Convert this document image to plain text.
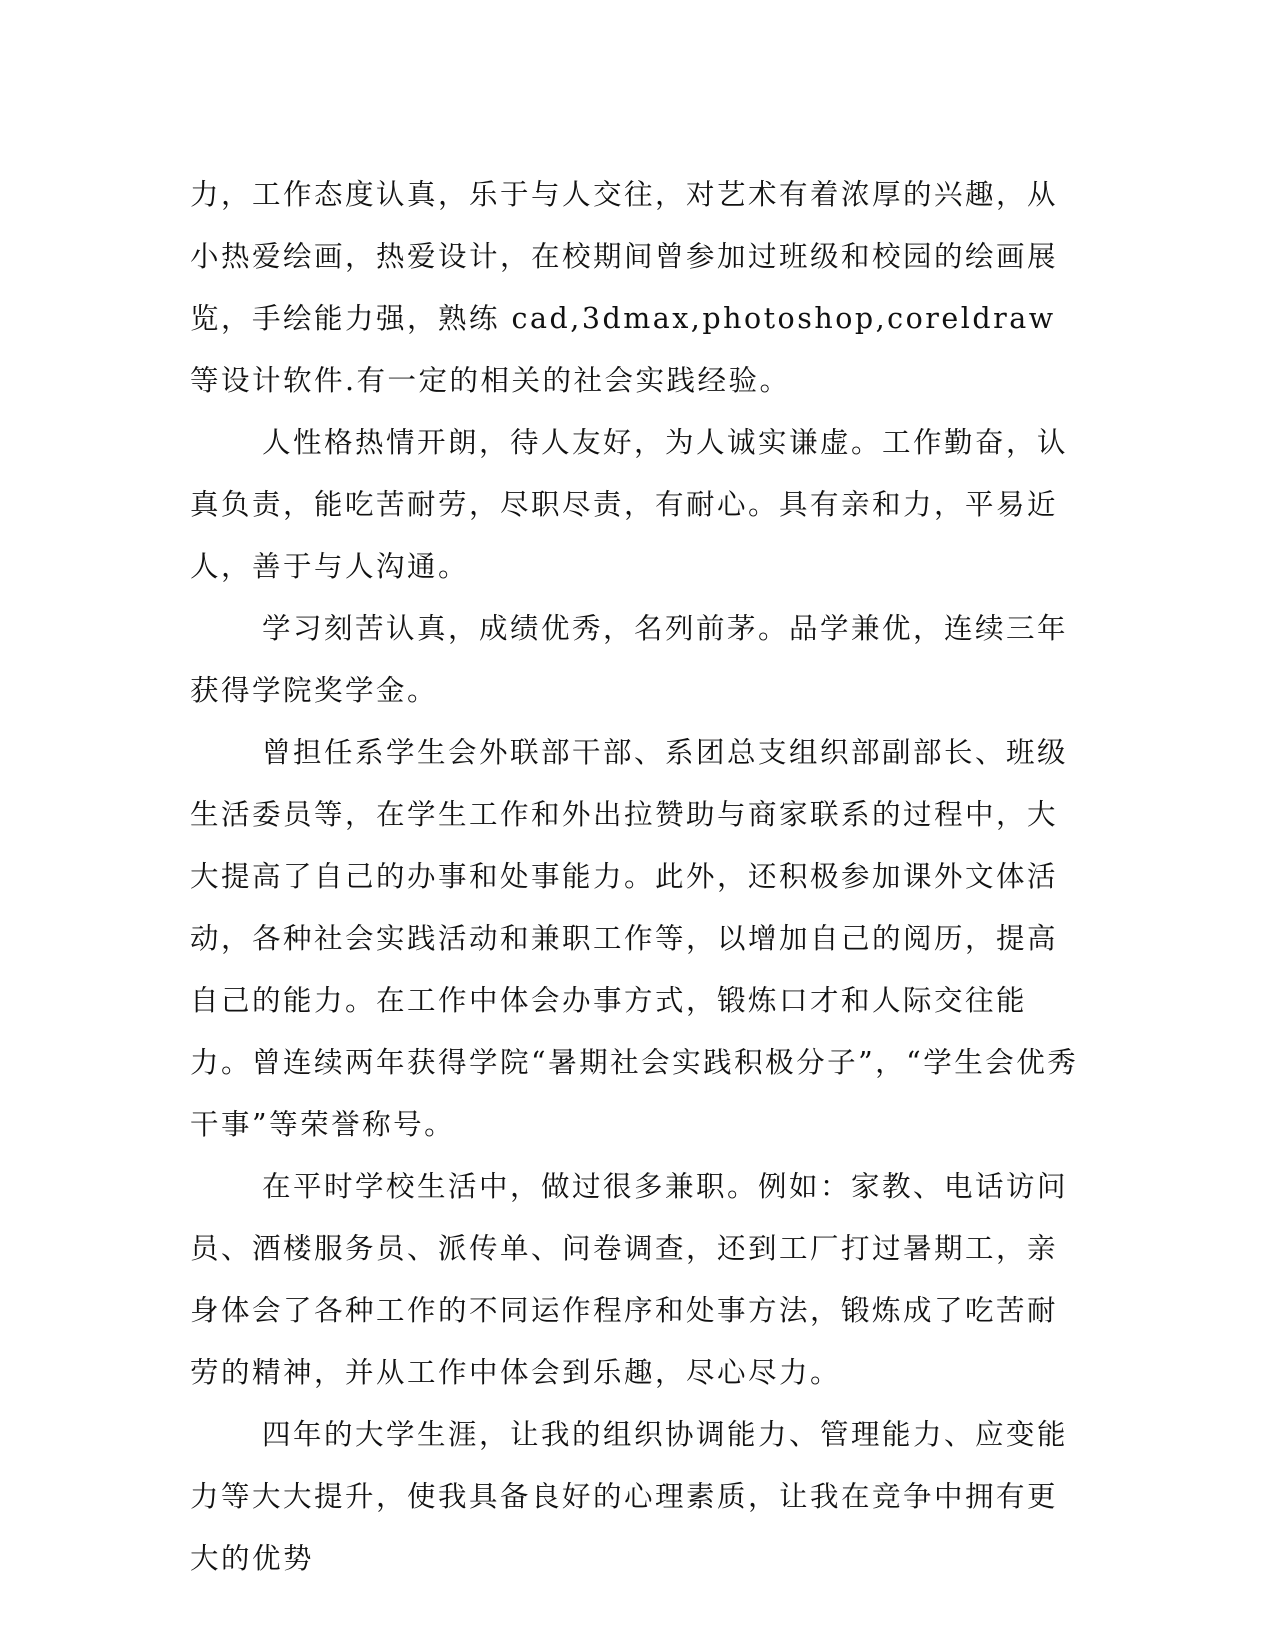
力，工作态度认真，乐于与人交往，对艺术有着浓厚的兴趣，从小热爱绘画，热爱设计，在校期间曾参加过班级和校园的绘画展览，手绘能力强，熟练 cad,3dmax,photoshop,coreldraw 等设计软件.有一定的相关的社会实践经验。

人性格热情开朗，待人友好，为人诚实谦虚。工作勤奋，认真负责，能吃苦耐劳，尽职尽责，有耐心。具有亲和力，平易近人，善于与人沟通。

学习刻苦认真，成绩优秀，名列前茅。品学兼优，连续三年获得学院奖学金。

曾担任系学生会外联部干部、系团总支组织部副部长、班级生活委员等，在学生工作和外出拉赞助与商家联系的过程中，大大提高了自己的办事和处事能力。此外，还积极参加课外文体活动，各种社会实践活动和兼职工作等，以增加自己的阅历，提高自己的能力。在工作中体会办事方式，锻炼口才和人际交往能力。曾连续两年获得学院“暑期社会实践积极分子”，“学生会优秀干事”等荣誉称号。

在平时学校生活中，做过很多兼职。例如：家教、电话访问员、酒楼服务员、派传单、问卷调查，还到工厂打过暑期工，亲身体会了各种工作的不同运作程序和处事方法，锻炼成了吃苦耐劳的精神，并从工作中体会到乐趣，尽心尽力。

四年的大学生涯，让我的组织协调能力、管理能力、应变能力等大大提升，使我具备良好的心理素质，让我在竞争中拥有更大的优势
